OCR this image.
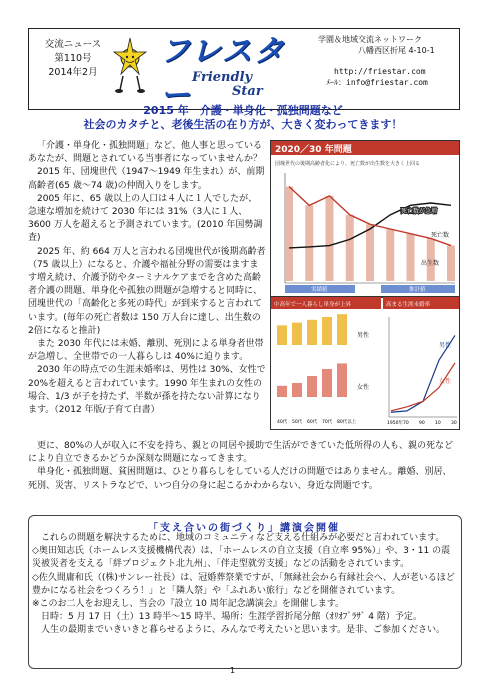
交流ニュース
第110号
2014年2月
フレスター
Friendly
Star
学園＆地域交流ネットワーク
八幡西区折尾 4-10-1
http://friestar.com
ﾒｰﾙ：info@friestar.com
2015 年　介護・単身化・孤独問題など
社会のカタチと、老後生活の在り方が、大きく変わってきます！

「介護・単身化・孤独問題」など、他人事と思っているあなたが、問題とされている当事者になっていませんか？

2015 年、団塊世代（1947～1949 年生まれ）が、前期高齢者(65 歳～74 歳)の仲間入りをします。

2005 年に、65 歳以上の人口は４人に１人でしたが、急速な増加を続けて 2030 年には 31%（3人に１人、3600 万人を超えると予測されています。(2010 年国勢調査)

2025 年、約 664 万人と言われる団塊世代が後期高齢者（75 歳以上）になると、介護や福祉分野の需要はますます増え続け、介護予防やターミナルケアまでを含めた高齢者介護の問題、単身化や孤独の問題が急増すると同時に、団塊世代の「高齢化と多死の時代」が到来すると言われています。(毎年の死亡者数は 150 万人台に達し、出生数の2倍になると推計)

また 2030 年代には未婚、離別、死別による単身者世帯が急増し、全世帯での一人暮らしは 40%に迫ります。

2030 年の時点での生涯未婚率は、男性は 30%、女性で 20%を超えると言われています。1990 年生まれの女性の場合、1/3 が子を持たず、半数が孫を持たない計算になります。（2012 年版/子育て白書）

2020／30 年問題
団塊世代の後期高齢者化により、死亡数が出生数を大きく上回る
死亡数が急増
死亡数
出生数
実績値	推計値
中高年で一人暮らし単身が上昇	高まる生涯未婚率
40代 50代 60代 70代 80代以上
男性
女性
男性
女性
1950年 70 90 10 30

更に、80%の人が収入に不安を持ち、親との同居や援助で生活ができていた低所得の人も、親の死などにより自立できるかどうか深刻な問題になってきます。

単身化・孤独問題、貧困問題は、ひとり暮らしをしている人だけの問題ではありません。離婚、別居、死別、災害、リストラなどで、いつ自分の身に起こるかわからない、身近な問題です。

「支え合いの街づくり」講演会開催

これらの問題を解決するために、地域のコミュニティなど支える仕組みが必要だと言われています。

◇奥田知志氏（ホームレス支援機構代表）は、「ホームレスの自立支援（自立率 95%）」や、3・11 の震災被災者を支える「絆プロジェクト北九州」、「伴走型就労支援」などの活動をされています。

◇佐久間庸和氏（(株)サンレー社長）は、冠婚葬祭業ですが、「無縁社会から有縁社会へ、人が老いるほど豊かになる社会をつくろう！」と「隣人祭」や「ふれあい旅行」などを開催されています。

※このお二人をお迎えし、当会の『設立 10 周年記念講演会』を開催します。

日時：5 月 17 日（土）13 時半～15 時半、場所：生涯学習折尾分館（ｵﾘｵﾌﾟﾗｻﾞ 4 階）予定。

人生の最期までいきいきと暮らせるように、みんなで考えたいと思います。是非、ご参加ください。

1
